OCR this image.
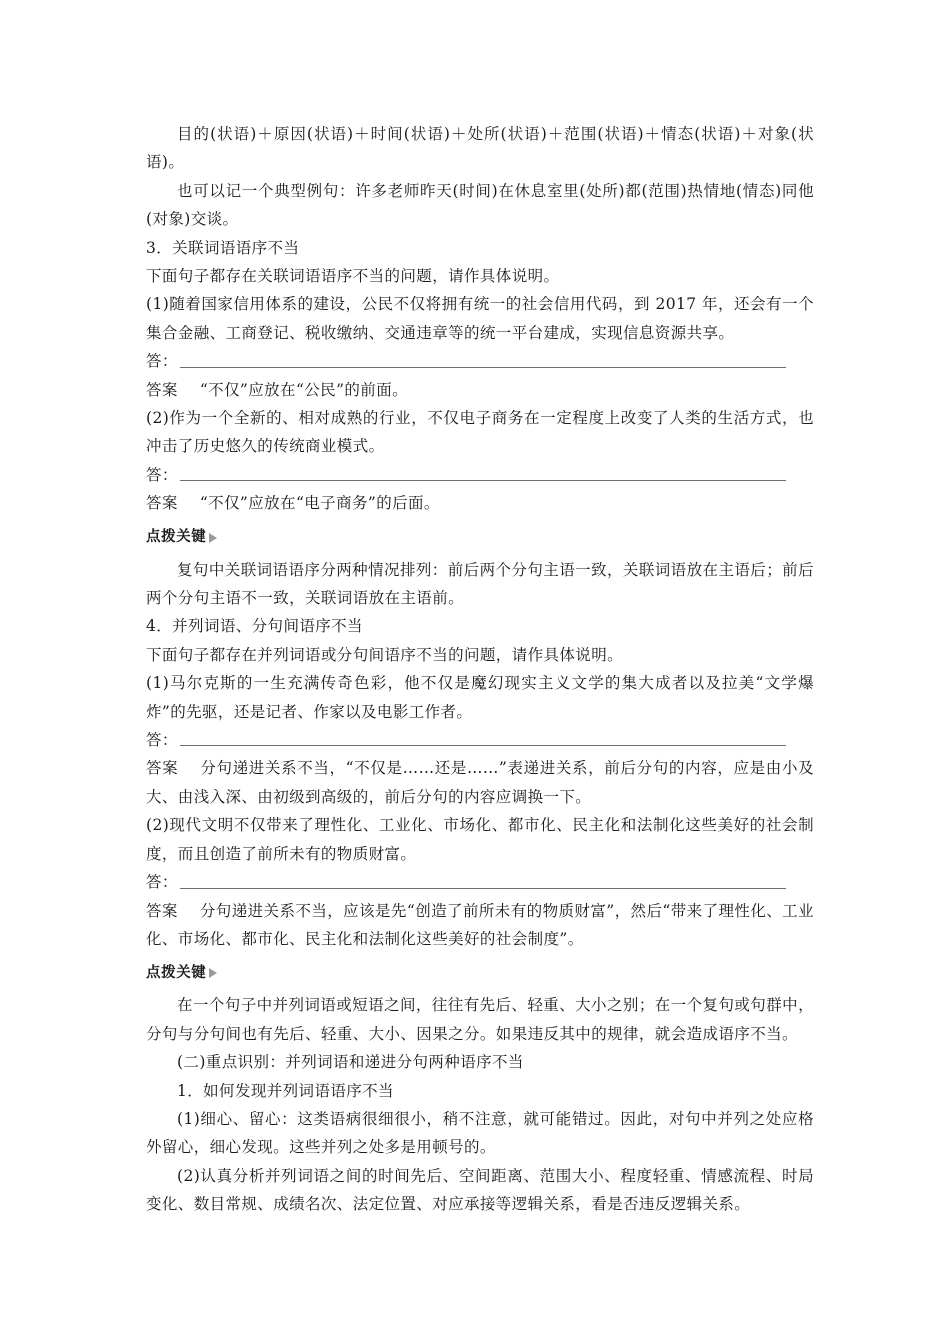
目的(状语)＋原因(状语)＋时间(状语)＋处所(状语)＋范围(状语)＋情态(状语)＋对象(状语)。

也可以记一个典型例句：许多老师昨天(时间)在休息室里(处所)都(范围)热情地(情态)同他(对象)交谈。

3．关联词语语序不当

下面句子都存在关联词语语序不当的问题，请作具体说明。

(1)随着国家信用体系的建设，公民不仅将拥有统一的社会信用代码，到 2017 年，还会有一个集合金融、工商登记、税收缴纳、交通违章等的统一平台建成，实现信息资源共享。

答：

答案 “不仅”应放在“公民”的前面。

(2)作为一个全新的、相对成熟的行业，不仅电子商务在一定程度上改变了人类的生活方式，也冲击了历史悠久的传统商业模式。

答：

答案 “不仅”应放在“电子商务”的后面。

点拨关键

复句中关联词语语序分两种情况排列：前后两个分句主语一致，关联词语放在主语后；前后两个分句主语不一致，关联词语放在主语前。

4．并列词语、分句间语序不当

下面句子都存在并列词语或分句间语序不当的问题，请作具体说明。

(1)马尔克斯的一生充满传奇色彩，他不仅是魔幻现实主义文学的集大成者以及拉美“文学爆炸”的先驱，还是记者、作家以及电影工作者。

答：

答案 分句递进关系不当，“不仅是……还是……”表递进关系，前后分句的内容，应是由小及大、由浅入深、由初级到高级的，前后分句的内容应调换一下。

(2)现代文明不仅带来了理性化、工业化、市场化、都市化、民主化和法制化这些美好的社会制度，而且创造了前所未有的物质财富。

答：

答案 分句递进关系不当，应该是先“创造了前所未有的物质财富”，然后“带来了理性化、工业化、市场化、都市化、民主化和法制化这些美好的社会制度”。

点拨关键

在一个句子中并列词语或短语之间，往往有先后、轻重、大小之别；在一个复句或句群中，分句与分句间也有先后、轻重、大小、因果之分。如果违反其中的规律，就会造成语序不当。

(二)重点识别：并列词语和递进分句两种语序不当

1．如何发现并列词语语序不当

(1)细心、留心：这类语病很细很小，稍不注意，就可能错过。因此，对句中并列之处应格外留心，细心发现。这些并列之处多是用顿号的。

(2)认真分析并列词语之间的时间先后、空间距离、范围大小、程度轻重、情感流程、时局变化、数目常规、成绩名次、法定位置、对应承接等逻辑关系，看是否违反逻辑关系。
